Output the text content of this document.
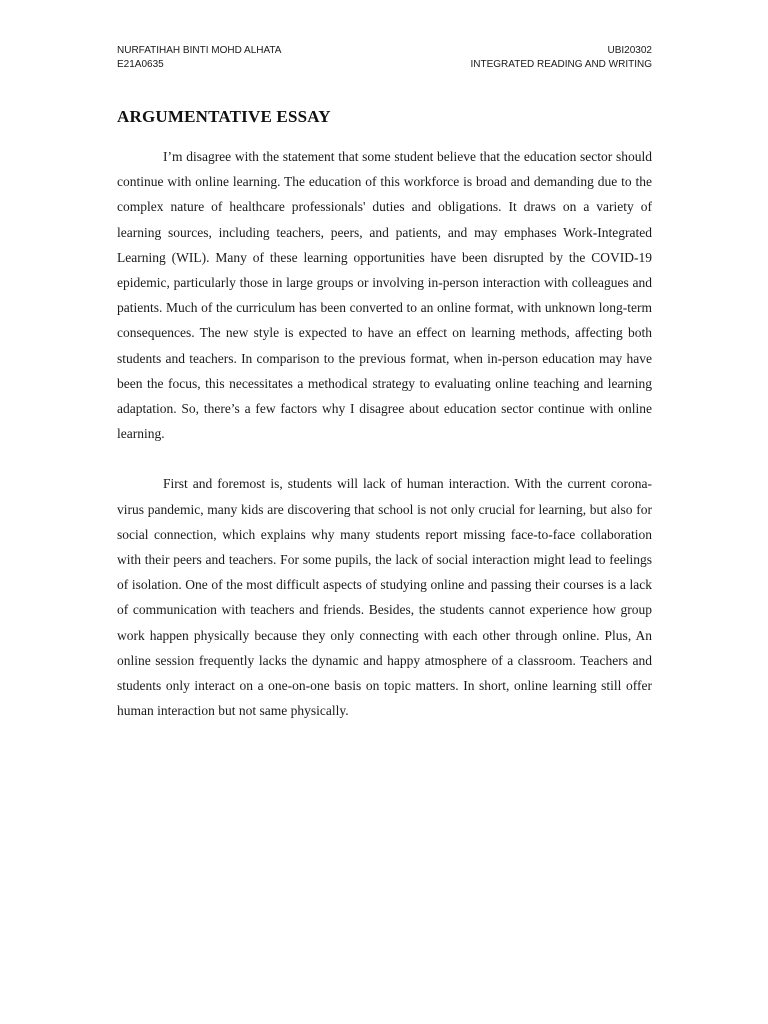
NURFATIHAH BINTI MOHD ALHATA	UBI20302
E21A0635	INTEGRATED READING AND WRITING
ARGUMENTATIVE ESSAY

I’m disagree with the statement that some student believe that the education sector should continue with online learning. The education of this workforce is broad and demanding due to the complex nature of healthcare professionals' duties and obligations. It draws on a variety of learning sources, including teachers, peers, and patients, and may emphases Work-Integrated Learning (WIL). Many of these learning opportunities have been disrupted by the COVID-19 epidemic, particularly those in large groups or involving in-person interaction with colleagues and patients. Much of the curriculum has been converted to an online format, with unknown long-term consequences. The new style is expected to have an effect on learning methods, affecting both students and teachers. In comparison to the previous format, when in-person education may have been the focus, this necessitates a methodical strategy to evaluating online teaching and learning adaptation. So, there’s a few factors why I disagree about education sector continue with online learning.

First and foremost is, students will lack of human interaction. With the current corona-virus pandemic, many kids are discovering that school is not only crucial for learning, but also for social connection, which explains why many students report missing face-to-face collaboration with their peers and teachers. For some pupils, the lack of social interaction might lead to feelings of isolation. One of the most difficult aspects of studying online and passing their courses is a lack of communication with teachers and friends. Besides, the students cannot experience how group work happen physically because they only connecting with each other through online. Plus, An online session frequently lacks the dynamic and happy atmosphere of a classroom. Teachers and students only interact on a one-on-one basis on topic matters. In short, online learning still offer human interaction but not same physically.
